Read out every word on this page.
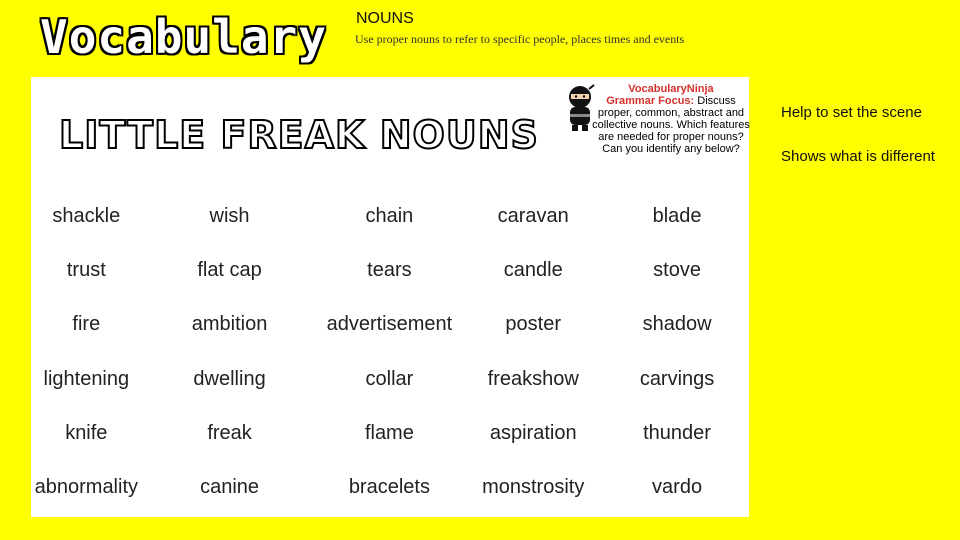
Vocabulary NOUNS
Use proper nouns to refer to specific people, places times and events
LITTLE FREAK NOUNS
VocabularyNinja
Grammar Focus: Discuss proper, common, abstract and collective nouns. Which features are needed for proper nouns? Can you identify any below?
shackle	wish	chain	caravan	blade
trust	flat cap	tears	candle	stove
fire	ambition	advertisement	poster	shadow
lightening	dwelling	collar	freakshow	carvings
knife	freak	flame	aspiration	thunder
abnormality	canine	bracelets	monstrosity	vardo
Help to set the scene
Shows what is different
